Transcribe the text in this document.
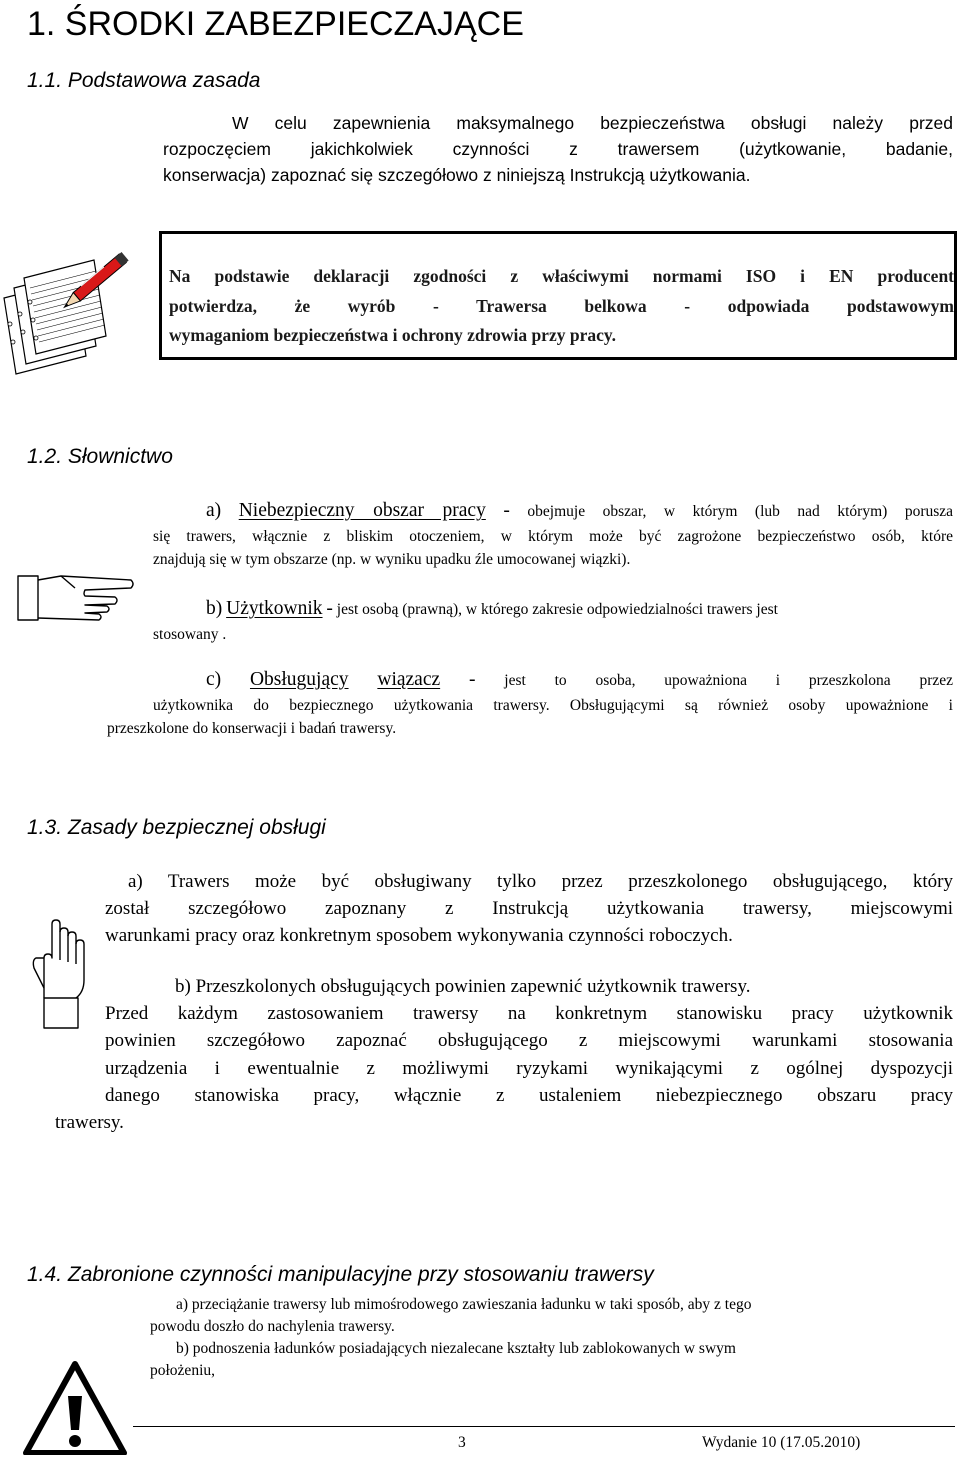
1. ŚRODKI ZABEZPIECZAJĄCE
1.1. Podstawowa zasada
W celu zapewnienia maksymalnego bezpieczeństwa obsługi należy przed
rozpoczęciem jakichkolwiek czynności z trawersem (użytkowanie, badanie,
konserwacja) zapoznać się szczegółowo z niniejszą Instrukcją użytkowania.
Na podstawie deklaracji zgodności z właściwymi normami ISO i EN producent
potwierdza, że wyrób - Trawersa belkowa - odpowiada podstawowym
wymaganiom bezpieczeństwa i ochrony zdrowia przy pracy.
1.2. Słownictwo
a) Niebezpieczny obszar pracy - obejmuje obszar, w którym (lub nad którym) porusza
się trawers, włącznie z bliskim otoczeniem, w którym może być zagrożone bezpieczeństwo osób, które
znajdują się w tym obszarze (np. w wyniku upadku źle umocowanej wiązki).
b) Użytkownik - jest osobą (prawną), w którego zakresie odpowiedzialności trawers jest
stosowany .
c) Obsługujący wiązacz - jest to osoba, upoważniona i przeszkolona przez
użytkownika do bezpiecznego użytkowania trawersy. Obsługującymi są również osoby upoważnione i
przeszkolone do konserwacji i badań trawersy.
1.3. Zasady bezpiecznej obsługi
a) Trawers może być obsługiwany tylko przez przeszkolonego obsługującego, który
został szczegółowo zapoznany z Instrukcją użytkowania trawersy, miejscowymi
warunkami pracy oraz konkretnym sposobem wykonywania czynności roboczych.
b) Przeszkolonych obsługujących powinien zapewnić użytkownik trawersy.
Przed każdym zastosowaniem trawersy na konkretnym stanowisku pracy użytkownik
powinien szczegółowo zapoznać obsługującego z miejscowymi warunkami stosowania
urządzenia i ewentualnie z możliwymi ryzykami wynikającymi z ogólnej dyspozycji
danego stanowiska pracy, włącznie z ustaleniem niebezpiecznego obszaru pracy
trawersy.
1.4. Zabronione czynności manipulacyjne przy stosowaniu trawersy
a) przeciążanie trawersy lub mimośrodowego zawieszania ładunku w taki sposób, aby z tego
powodu doszło do nachylenia trawersy.
b) podnoszenia ładunków posiadających niezalecane kształty lub zablokowanych w swym
położeniu,
3	Wydanie 10 (17.05.2010)
